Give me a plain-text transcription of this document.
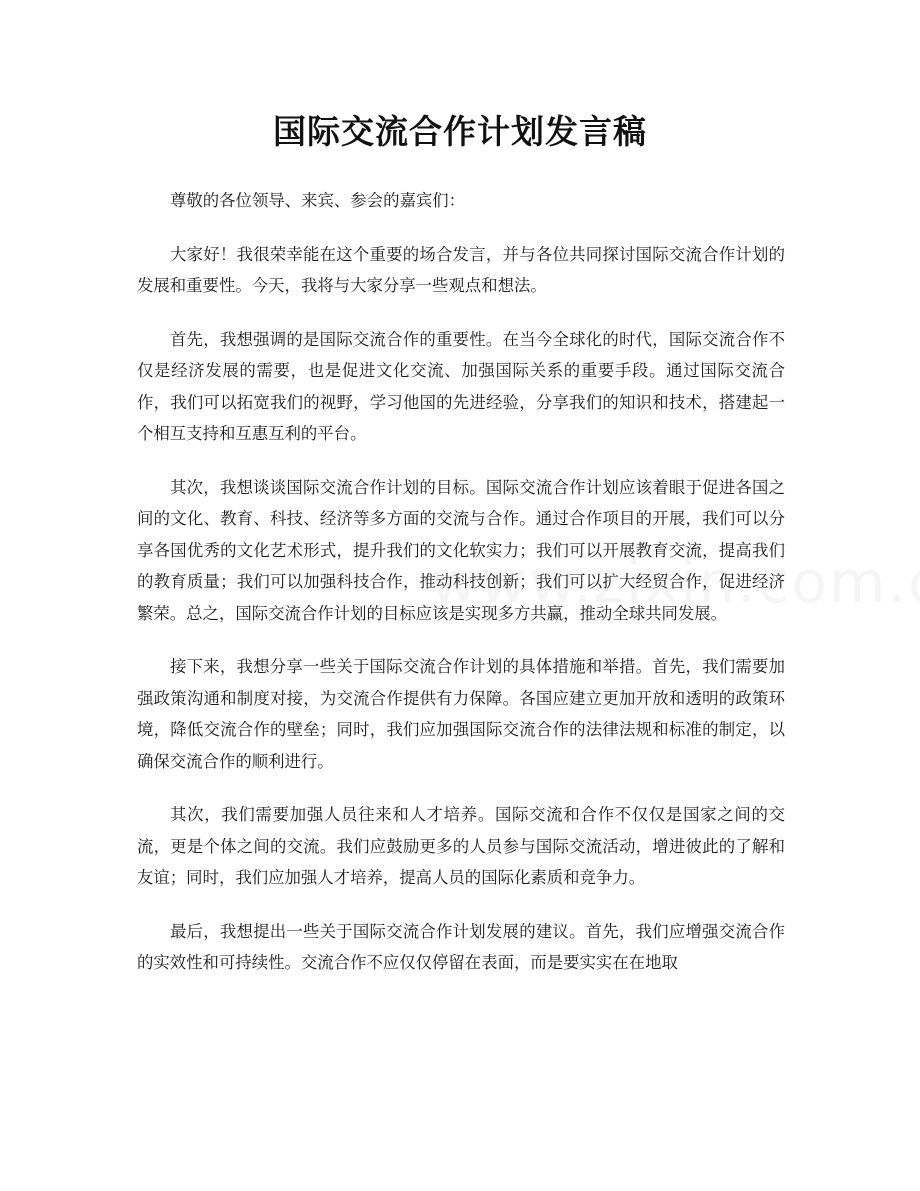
国际交流合作计划发言稿

尊敬的各位领导、来宾、参会的嘉宾们：

大家好！我很荣幸能在这个重要的场合发言，并与各位共同探讨国际交流合作计划的发展和重要性。今天，我将与大家分享一些观点和想法。

首先，我想强调的是国际交流合作的重要性。在当今全球化的时代，国际交流合作不仅是经济发展的需要，也是促进文化交流、加强国际关系的重要手段。通过国际交流合作，我们可以拓宽我们的视野，学习他国的先进经验，分享我们的知识和技术，搭建起一个相互支持和互惠互利的平台。

其次，我想谈谈国际交流合作计划的目标。国际交流合作计划应该着眼于促进各国之间的文化、教育、科技、经济等多方面的交流与合作。通过合作项目的开展，我们可以分享各国优秀的文化艺术形式，提升我们的文化软实力；我们可以开展教育交流，提高我们的教育质量；我们可以加强科技合作，推动科技创新；我们可以扩大经贸合作，促进经济繁荣。总之，国际交流合作计划的目标应该是实现多方共赢，推动全球共同发展。

接下来，我想分享一些关于国际交流合作计划的具体措施和举措。首先，我们需要加强政策沟通和制度对接，为交流合作提供有力保障。各国应建立更加开放和透明的政策环境，降低交流合作的壁垒；同时，我们应加强国际交流合作的法律法规和标准的制定，以确保交流合作的顺利进行。

其次，我们需要加强人员往来和人才培养。国际交流和合作不仅仅是国家之间的交流，更是个体之间的交流。我们应鼓励更多的人员参与国际交流活动，增进彼此的了解和友谊；同时，我们应加强人才培养，提高人员的国际化素质和竞争力。

最后，我想提出一些关于国际交流合作计划发展的建议。首先，我们应增强交流合作的实效性和可持续性。交流合作不应仅仅停留在表面，而是要实实在在地取
